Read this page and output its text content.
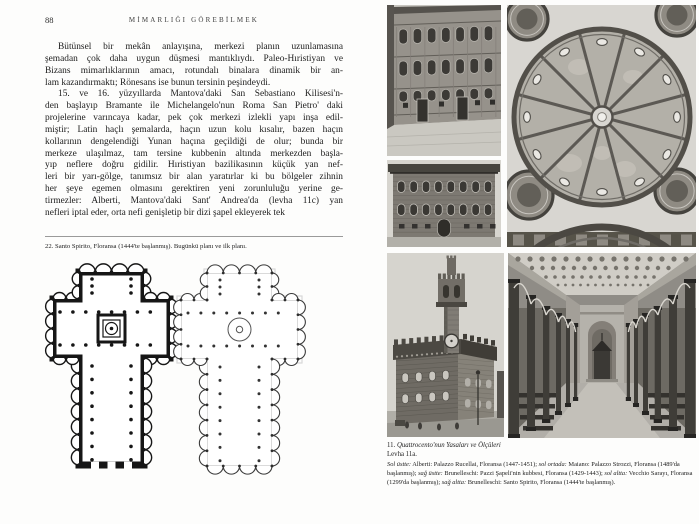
88	MİMARLIĞI GÖREBİLMEK
Bütünsel bir mekân anlayışına, merkezi planın uzunlamasına
şemadan çok daha uygun düşmesi mantıklıydı. Paleo-Hıristiyan ve
Bizans mimarlıklarının amacı, rotundalı binalara dinamik bir an-
lam kazandırmaktı; Rönesans ise bunun tersinin peşindeydi.
15. ve 16. yüzyıllarda Mantova'daki San Sebastiano Kilisesi'n-
den başlayıp Bramante ile Michelangelo'nun Roma San Pietro' daki
projelerine varıncaya kadar, pek çok merkezi izlekli yapı inşa edil-
miştir; Latin haçlı şemalarda, haçın uzun kolu kısalır, bazen haçın
kollarının dengelendiği Yunan haçına geçildiği de olur; bunda bir
merkeze ulaşılmaz, tam tersine kubbenin altında merkezden başla-
yıp neflere doğru gidilir. Hıristiyan bazilikasının küçük yan nef-
leri bir yarı-gölge, tanımsız bir alan yaratırlar ki bu bölgeler zihnin
her şeye egemen olmasını gerektiren yeni zorunluluğu yerine ge-
tirmezler: Alberti, Mantova'daki Sant' Andrea'da (levha 11c) yan
nefleri iptal eder, orta nefi genişletip bir dizi şapel ekleyerek tek
22. Santo Spirito, Floransa (1444'te başlanmış). Bugünkü planı ve ilk planı.
11. Quattrocento'nun Yasaları ve Ölçüleri
Levha 11a.
Sol üstte: Alberti: Palazzo Rucellai, Floransa (1447-1451); sol ortada: Maiano: Palazzo Strozzi, Floransa (1489'da başlanmış); sağ üstte: Brunelleschi: Pazzi Şapeli'nin kubbesi, Floransa (1429-1443); sol altta: Vecchio Sarayı, Floransa (1299'da başlanmış); sağ altta: Brunelleschi: Santo Spirito, Floransa (1444'te başlanmış).
